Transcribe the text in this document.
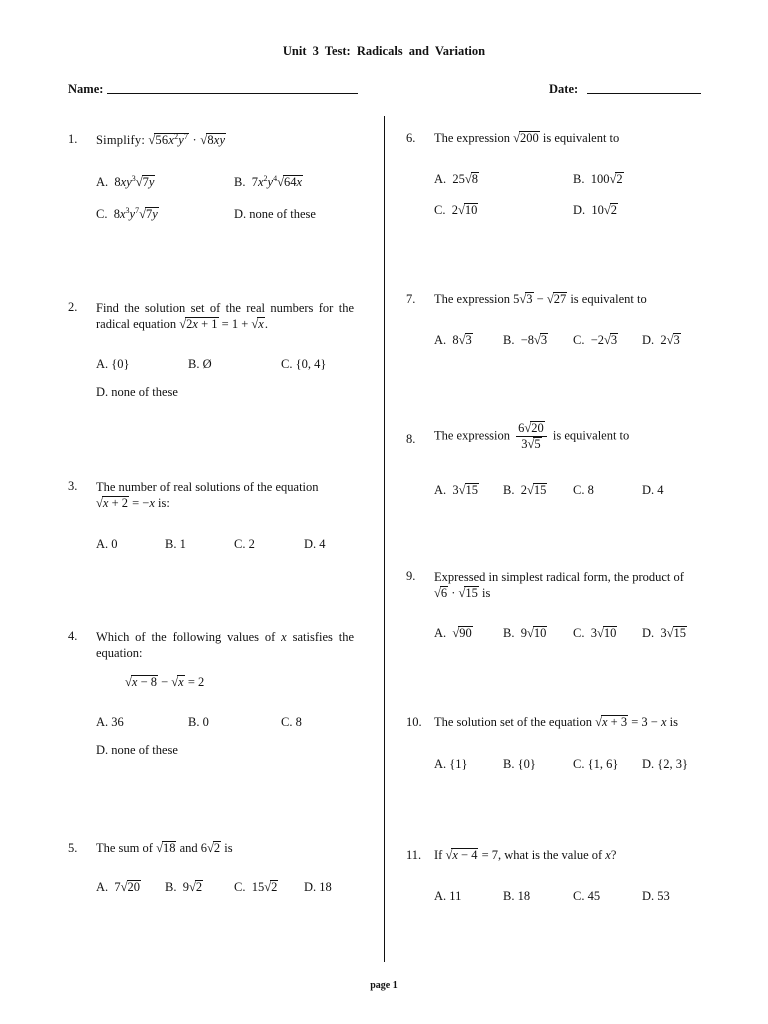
Unit 3 Test: Radicals and Variation
Name:	Date:
1. Simplify: $√56x^2y^7 \cdot √8xy$
A.  $8xy^3√7y$	B.  $7x^2y^4√64x$
C.  $8x^3y^7√7y$	D. none of these
2. Find the solution set of the real numbers for the radical equation √2x + 1 = 1 + √x.
A. {0}	B. Ø	C. {0, 4}
D. none of these
3. The number of real solutions of the equation
√x + 2 = −x is:
A. 0	B. 1	C. 2	D. 4
4. Which of the following values of x satisfies the equation:
√x − 8 − √x = 2
A. 36	B. 0	C. 8
D. none of these
5. The sum of √18 and 6√2 is
A.  7√20 B.  9√2	C.  15√2 D. 18
6. The expression √200 is equivalent to
A.  25√8	B.  100√2
C.  2√10	D.  10√2
7. The expression 5√3 − √27 is equivalent to
A.  8√3 B.  −8√3 C.  −2√3 D.  2√3
8. The expression $\frac{6√20}{3√5}$ is equivalent to
A.  3√15 B.  2√15 C. 8	D. 4
9. Expressed in simplest radical form, the product of
√6 · √15 is
A.  √90 B.  9√10 C.  3√10 D.  3√15
10. The solution set of the equation √x + 3 = 3 − x is
A. {1}	B. {0}	C. {1, 6} D. {2, 3}
11. If √x − 4 = 7, what is the value of x?
A. 11	B. 18	C. 45	D. 53
page 1
